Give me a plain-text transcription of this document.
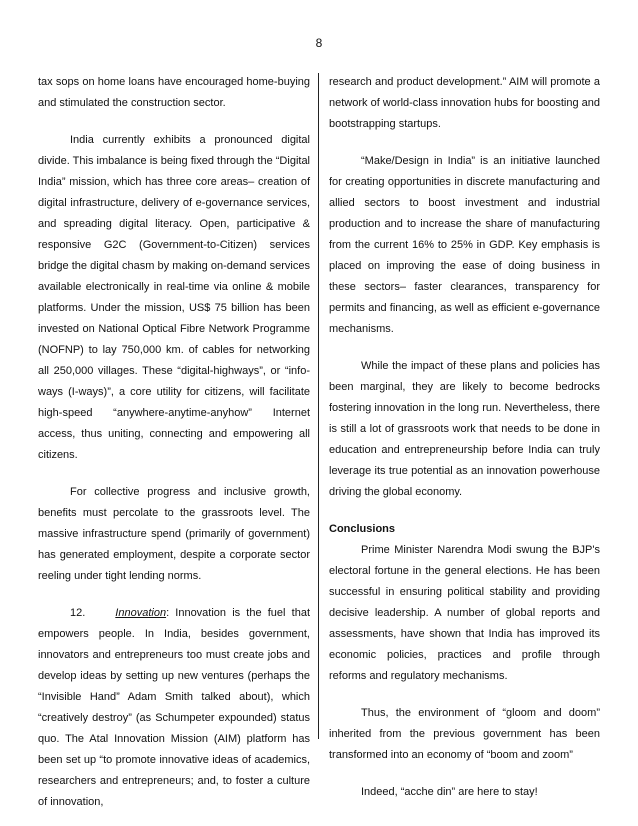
8

tax sops on home loans have encouraged home-buying and stimulated the construction sector.

India currently exhibits a pronounced digital divide. This imbalance is being fixed through the “Digital India” mission, which has three core areas– creation of digital infrastructure, delivery of e-governance services, and spreading digital literacy. Open, participative & responsive G2C (Government-to-Citizen) services bridge the digital chasm by making on-demand services available electronically in real-time via online & mobile platforms. Under the mission, US$ 75 billion has been invested on National Optical Fibre Network Programme (NOFNP) to lay 750,000 km. of cables for networking all 250,000 villages. These “digital-highways”, or “info-ways (I-ways)”, a core utility for citizens, will facilitate high-speed “anywhere-anytime-anyhow” Internet access, thus uniting, connecting and empowering all citizens.

For collective progress and inclusive growth, benefits must percolate to the grassroots level. The massive infrastructure spend (primarily of government) has generated employment, despite a corporate sector reeling under tight lending norms.

12.	Innovation: Innovation is the fuel that empowers people. In India, besides government, innovators and entrepreneurs too must create jobs and develop ideas by setting up new ventures (perhaps the “Invisible Hand” Adam Smith talked about), which “creatively destroy” (as Schumpeter expounded) status quo. The Atal Innovation Mission (AIM) platform has been set up “to promote innovative ideas of academics, researchers and entrepreneurs; and, to foster a culture of innovation,

research and product development.” AIM will promote a network of world-class innovation hubs for boosting and bootstrapping startups.

“Make/Design in India” is an initiative launched for creating opportunities in discrete manufacturing and allied sectors to boost investment and industrial production and to increase the share of manufacturing from the current 16% to 25% in GDP. Key emphasis is placed on improving the ease of doing business in these sectors– faster clearances, transparency for permits and financing, as well as efficient e-governance mechanisms.

While the impact of these plans and policies has been marginal, they are likely to become bedrocks fostering innovation in the long run. Nevertheless, there is still a lot of grassroots work that needs to be done in education and entrepreneurship before India can truly leverage its true potential as an innovation powerhouse driving the global economy.

Conclusions

Prime Minister Narendra Modi swung the BJP's electoral fortune in the general elections. He has been successful in ensuring political stability and providing decisive leadership. A number of global reports and assessments, have shown that India has improved its economic policies, practices and profile through reforms and regulatory mechanisms.

Thus, the environment of “gloom and doom” inherited from the previous government has been transformed into an economy of “boom and zoom”

Indeed, “acche din” are here to stay!
